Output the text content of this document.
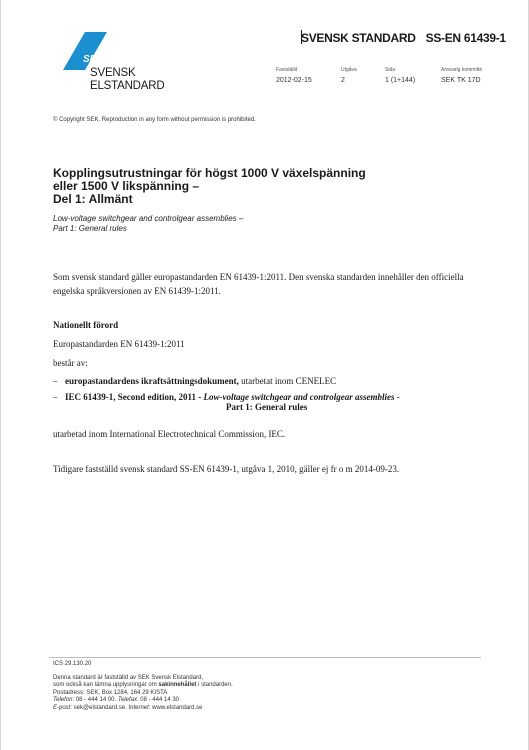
SEK
SVENSK
ELSTANDARD
SVENSK STANDARD SS-EN 61439-1
Fastställd	Utgåva	Sida	Ansvarig kommitté
2012-02-15	2	1 (1+144)	SEK TK 17D
© Copyright SEK. Reproduction in any form without permission is prohibited.
Kopplingsutrustningar för högst 1000 V växelspänning
eller 1500 V likspänning –
Del 1: Allmänt
Low-voltage switchgear and controlgear assemblies –
Part 1: General rules
Som svensk standard gäller europastandarden EN 61439-1:2011. Den svenska standarden innehåller den officiella engelska språkversionen av EN 61439-1:2011.
Nationellt förord
Europastandarden EN 61439-1:2011
består av:
– europastandardens ikraftsättningsdokument, utarbetat inom CENELEC
– IEC 61439-1, Second edition, 2011 - Low-voltage switchgear and controlgear assemblies -
Part 1: General rules
utarbetad inom International Electrotechnical Commission, IEC.
Tidigare fastställd svensk standard SS-EN 61439-1, utgåva 1, 2010, gäller ej fr o m 2014-09-23.
ICS 29.130.20
Denna standard är fastställd av SEK Svensk Elstandard,
som också kan lämna upplysningar om sakinnehållet i standarden.
Postadress: SEK, Box 1284, 164 29 KISTA
Telefon: 08 - 444 14 00. Telefax: 08 - 444 14 30
E-post: sek@elstandard.se. Internet: www.elstandard.se
